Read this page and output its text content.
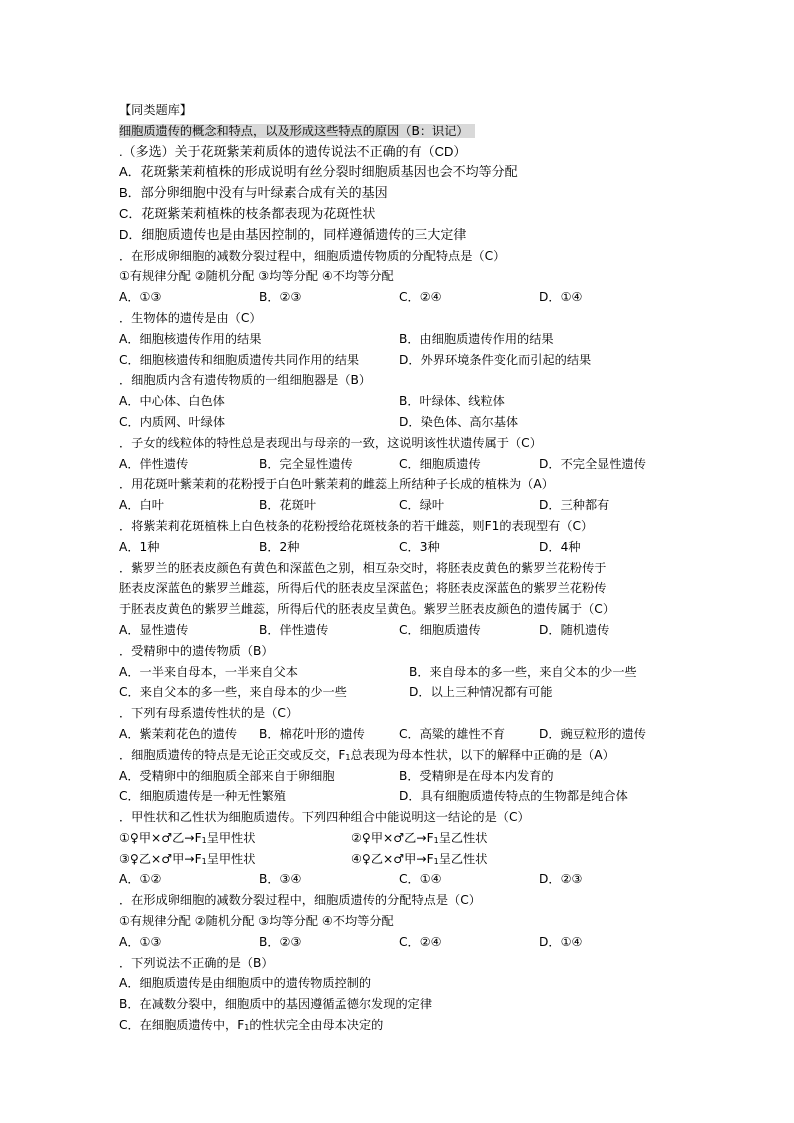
【同类题库】
细胞质遗传的概念和特点，以及形成这些特点的原因（B：识记）
.（多选）关于花斑紫茉莉质体的遗传说法不正确的有（CD）
A．花斑紫茉莉植株的形成说明有丝分裂时细胞质基因也会不均等分配
B．部分卵细胞中没有与叶绿素合成有关的基因
C．花斑紫茉莉植株的枝条都表现为花斑性状
D．细胞质遗传也是由基因控制的，同样遵循遗传的三大定律
．在形成卵细胞的减数分裂过程中，细胞质遗传物质的分配特点是（C）
①有规律分配 ②随机分配 ③均等分配 ④不均等分配
A．①③	B．②③	C．②④	D．①④
．生物体的遗传是由（C）
A．细胞核遗传作用的结果	B．由细胞质遗传作用的结果
C．细胞核遗传和细胞质遗传共同作用的结果	D．外界环境条件变化而引起的结果
．细胞质内含有遗传物质的一组细胞器是（B）
A．中心体、白色体	B．叶绿体、线粒体
C．内质网、叶绿体	D．染色体、高尔基体
．子女的线粒体的特性总是表现出与母亲的一致，这说明该性状遗传属于（C）
A．伴性遗传	B．完全显性遗传	C．细胞质遗传	D．不完全显性遗传
．用花斑叶紫茉莉的花粉授于白色叶紫茉莉的雌蕊上所结种子长成的植株为（A）
A．白叶	B．花斑叶	C．绿叶	D．三种都有
．将紫茉莉花斑植株上白色枝条的花粉授给花斑枝条的若干雌蕊，则F1的表现型有（C）
A．1种	B．2种	C．3种	D．4种
．紫罗兰的胚表皮颜色有黄色和深蓝色之别，相互杂交时，将胚表皮黄色的紫罗兰花粉传于
胚表皮深蓝色的紫罗兰雌蕊，所得后代的胚表皮呈深蓝色；将胚表皮深蓝色的紫罗兰花粉传
于胚表皮黄色的紫罗兰雌蕊，所得后代的胚表皮呈黄色。紫罗兰胚表皮颜色的遗传属于（C）
A．显性遗传	B．伴性遗传	C．细胞质遗传	D．随机遗传
．受精卵中的遗传物质（B）
A．一半来自母本，一半来自父本	B．来自母本的多一些，来自父本的少一些
C．来自父本的多一些，来自母本的少一些	D．以上三种情况都有可能
．下列有母系遗传性状的是（C）
A．紫茉莉花色的遗传 B．棉花叶形的遗传	C．高粱的雄性不育	D．豌豆粒形的遗传
．细胞质遗传的特点是无论正交或反交，$F_1$总表现为母本性状，以下的解释中正确的是（A）
A．受精卵中的细胞质全部来自于卵细胞	B．受精卵是在母本内发育的
C．细胞质遗传是一种无性繁殖	D．具有细胞质遗传特点的生物都是纯合体
．甲性状和乙性状为细胞质遗传。下列四种组合中能说明这一结论的是（C）
①♀甲×♂乙$\to F_1$呈甲性状	②♀甲×♂乙$\to F_1$呈乙性状
③♀乙×♂甲$\to F_1$呈甲性状	④♀乙×♂甲$\to F_1$呈乙性状
A．①②	B．③④	C．①④	D．②③
．在形成卵细胞的减数分裂过程中，细胞质遗传的分配特点是（C）
①有规律分配 ②随机分配 ③均等分配 ④不均等分配
A．①③	B．②③	C．②④	D．①④
．下列说法不正确的是（B）
A．细胞质遗传是由细胞质中的遗传物质控制的
B．在减数分裂中，细胞质中的基因遵循孟德尔发现的定律
C．在细胞质遗传中，$F_1$的性状完全由母本决定的
